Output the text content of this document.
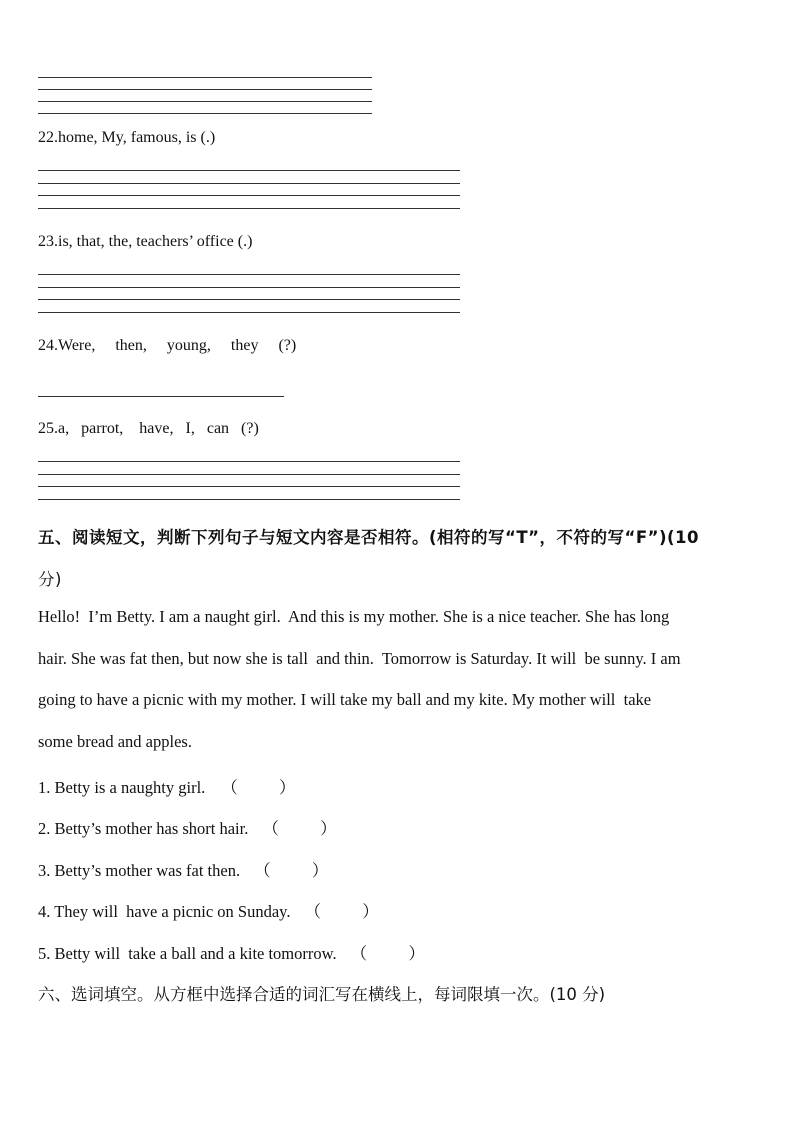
22.home, My, famous, is (.)
23.is, that, the, teachers’ office (.)
24.Were,     then,     young,     they     (?)
25.a,   parrot,    have,   I,   can   (?)
五、阅读短文，判断下列句子与短文内容是否相符。(相符的写“T”，不符的写“F”)(10
分)
Hello!  I’m Betty. I am a naught girl.  And this is my mother. She is a nice teacher. She has long
hair. She was fat then, but now she is tall  and thin.  Tomorrow is Saturday. It will  be sunny. I am
going to have a picnic with my mother. I will take my ball and my kite. My mother will  take
some bread and apples.
1. Betty is a naughty girl. （          ）
2. Betty’s mother has short hair. （          ）
3. Betty’s mother was fat then. （          ）
4. They will  have a picnic on Sunday. （          ）
5. Betty will  take a ball and a kite tomorrow. （          ）
六、选词填空。从方框中选择合适的词汇写在横线上，每词限填一次。(10 分)
